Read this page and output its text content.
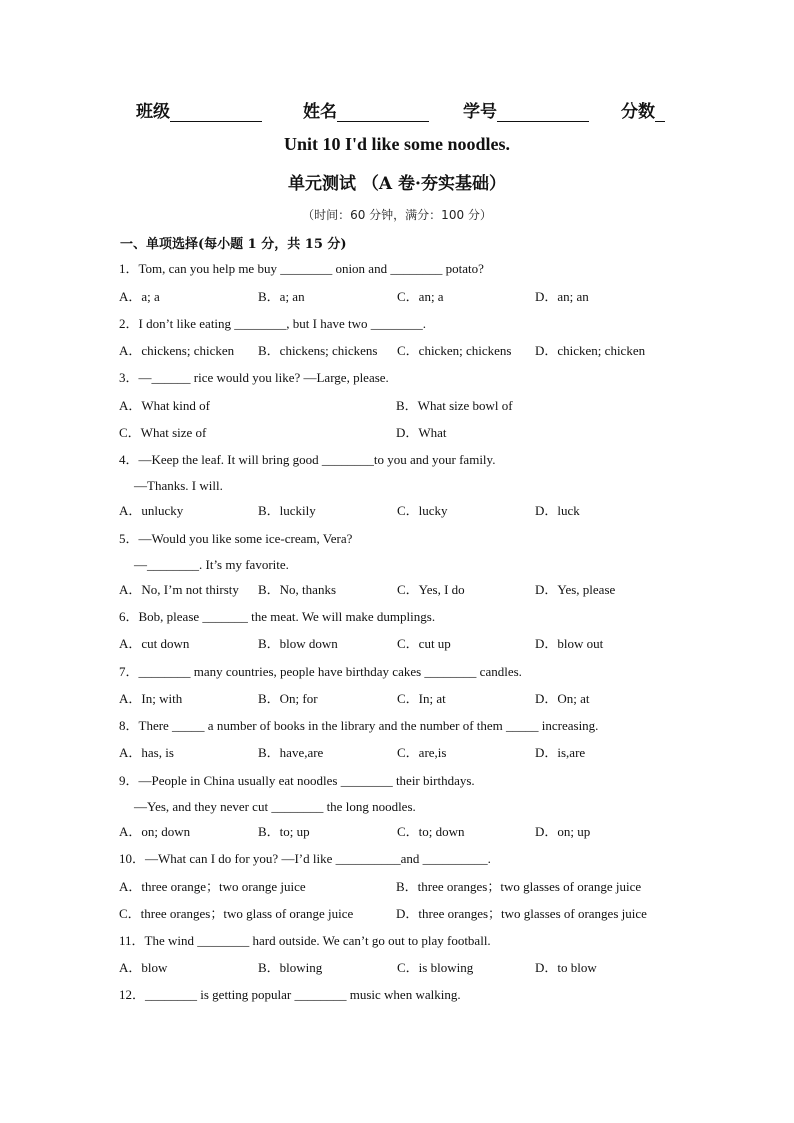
班级	姓名	学号	分数
Unit 10 I'd like some noodles.
单元测试 （A 卷·夯实基础）
（时间：60 分钟，满分：100 分）
一、单项选择(每小题 1 分，共 15 分)
1．Tom, can you help me buy ________ onion and ________ potato?
A．a; a	B．a; an	C．an; a	D．an; an
2．I don’t like eating ________, but I have two ________.
A．chickens; chicken B．chickens; chickens C．chicken; chickens D．chicken; chicken
3．—______ rice would you like? —Large, please.
A．What kind of	B．What size bowl of
C．What size of	D．What
4．—Keep the leaf. It will bring good ________to you and your family.
—Thanks. I will.
A．unlucky	B．luckily	C．lucky	D．luck
5．—Would you like some ice-cream, Vera?
—________. It’s my favorite.
A．No, I’m not thirsty B．No, thanks	C．Yes, I do	D．Yes, please
6．Bob, please _______ the meat. We will make dumplings.
A．cut down	B．blow down	C．cut up	D．blow out
7．________ many countries, people have birthday cakes ________ candles.
A．In; with	B．On; for	C．In; at	D．On; at
8．There _____ a number of books in the library and the number of them _____ increasing.
A．has, is	B．have,are	C．are,is	D．is,are
9．—People in China usually eat noodles ________ their birthdays.
—Yes, and they never cut ________ the long noodles.
A．on; down	B．to; up	C．to; down	D．on; up
10．—What can I do for you? —I’d like __________and __________.
A．three orange；two orange juice	B．three oranges；two glasses of orange juice
C．three oranges；two glass of orange juice	D．three oranges；two glasses of oranges juice
11．The wind ________ hard outside. We can’t go out to play football.
A．blow	B．blowing	C．is blowing	D．to blow
12．________ is getting popular ________ music when walking.
